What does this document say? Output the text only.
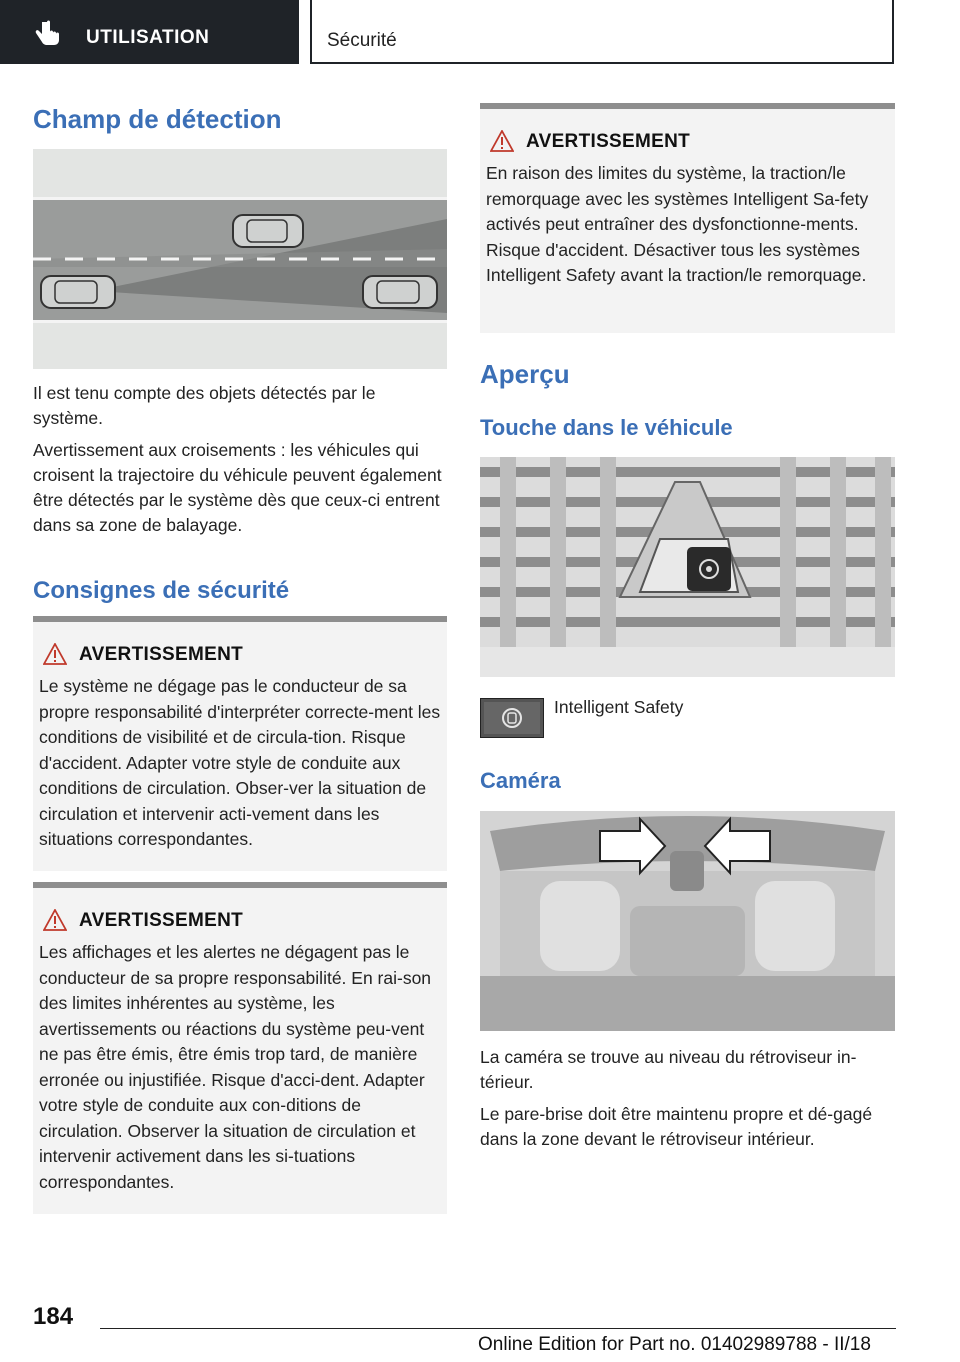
UTILISATION	Sécurité
Champ de détection
Il est tenu compte des objets détectés par le système.
Avertissement aux croisements : les véhicules qui croisent la trajectoire du véhicule peuvent également être détectés par le système dès que ceux-ci entrent dans sa zone de balayage.
Consignes de sécurité
AVERTISSEMENT
Le système ne dégage pas le conducteur de sa propre responsabilité d'interpréter correcte-ment les conditions de visibilité et de circula-tion. Risque d'accident. Adapter votre style de conduite aux conditions de circulation. Obser-ver la situation de circulation et intervenir acti-vement dans les situations correspondantes.
AVERTISSEMENT
Les affichages et les alertes ne dégagent pas le conducteur de sa propre responsabilité. En rai-son des limites inhérentes au système, les avertissements ou réactions du système peu-vent ne pas être émis, être émis trop tard, de manière erronée ou injustifiée. Risque d'acci-dent. Adapter votre style de conduite aux con-ditions de circulation. Observer la situation de circulation et intervenir activement dans les si-tuations correspondantes.
AVERTISSEMENT
En raison des limites du système, la traction/le remorquage avec les systèmes Intelligent Sa-fety activés peut entraîner des dysfonctionne-ments. Risque d'accident. Désactiver tous les systèmes Intelligent Safety avant la traction/le remorquage.
Aperçu
Touche dans le véhicule
Intelligent Safety
Caméra
La caméra se trouve au niveau du rétroviseur in-térieur.
Le pare-brise doit être maintenu propre et dé-gagé dans la zone devant le rétroviseur intérieur.
184
Online Edition for Part no. 01402989788 - II/18
